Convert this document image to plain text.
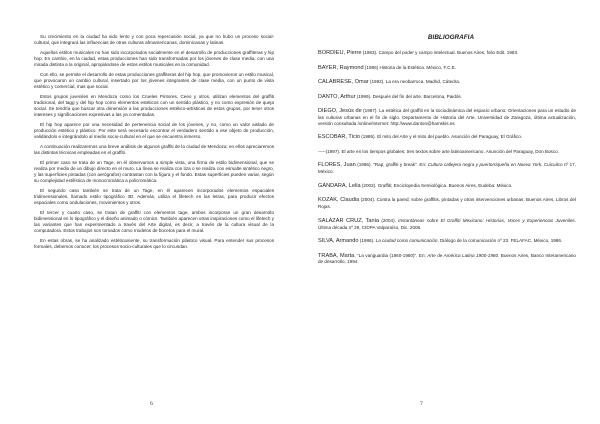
Su crecimiento en la ciudad ha sido lento y con poca repercusión social, ya que no hubo un proceso social-cultural, que integrará las influencias de otras culturas afroamericanas, dominicanas y latinas.

Aquellos estilos musicales no han sido incorporados socialmente en el desarrollo de producciones graffiteras y hip hop. En cambio, en la ciudad, estas producciones han sido transformadas por los jóvenes de clase media, con una mirada distinta a la original, apropiándose de estos estilos musicales en la comunidad.

Con ello, se permite el desarrollo de estas producciones graffiteras del hip hop, que promovieron un estilo musical, que provocaron un cambio cultural, insertado por los jóvenes integrantes de clase media, con un punto de vista estético y comercial, mas que social.

Estos grupos juveniles en Mendoza como los Crueles Pintores, Ceeo y otros, utilizan elementos del graffiti tradicional, del tagg y del hip hop como elementos estéticos con un sentido plástico, y no como expresión de queja social. Se tendría que buscar otra dimensión a las producciones estético-artísticas de estos grupos, por tener otros intereses y significaciones expresivas a las ya comentadas.

El hip hop aparece por una necesidad de pertenencia social de los jóvenes, y no, como un valor aislado de producción estético y plástico. Por este será necesario encontrar el verdadero sentido a ese objeto de producción, validándolo e integrándolo al medio socio-cultural en el que se encuentra inmerso.

A continuación realizaremos una breve análisis de algunos graffiti de la ciudad de Mendoza; en ellos apreciaremos las distintas técnicas empleadas en el graffiti.

El primer caso se trata de un Tage, en él observamos a simple vista, una firma de estilo bidimensional, que se realiza por medio de un dibujo directo en el muro. La línea se realiza con tiza o se realiza con esmalte sintético negro, y las superficies pintadas (con aerógrafos) contrastan con la figura y el fondo. Estas superficies pueden variar, según su complejidad estilística de monocromática a policromática.

El segundo caso también se trata de un Tage, en él aparecen incorporados elementos espaciales tridimensionales, llamado estilo tipográfico 3D. Además, utiliza el lifetech en las letras, para producir efectos espaciales como ondulaciones, movimientos y otros.

El tercer y cuarto caso, se tratan de graffiti con elementos tage, ambos incorporan un gran desarrollo bidimensional en lo tipográfico y el diseño animado o cómics. También aparecen otras inspiraciones como el lifetech y las variantes que han experimentado a través del Arte digital, es decir, a través de la cultura visual de la computadora. Estos trabajos son tomados como modelos de bocetos para el mural.

En estas obras, se ha analizado estéticamente, su transformación plástico visual. Para entender sus procesos formales, debemos conocer, los procesos socio-culturales que lo circundan.

6
BIBLIOGRAFIA

BORDIEU, Pierre (1983). Campo del poder y campo intelectual. Buenos Aires, folio Edit. 1983.

BAYER, Raymond (1986) Historia de la Estética. México, F.C.E.

CALABRESE, Omar (1992). La era neobarroca. Madrid, Cátedra.

DANTO, Arthur (1999). Después del fin del arte. Barcelona, Paidós.

DIEGO, Jesús de (1997). La estética del graffiti en la sociodinámica del espacio urbano: Orientaciones para un estudio de las culturas urbanas en el fin de siglo. Departamento de Historia del Arte, Universidad de Zaragoza, última actualización, versión consultada /online/Internet: http://www.danton@hamskis.es

ESCOBAR, Ticio (1986). El mito del Arte y el mito del pueblo. Asunción del Paraguay, El Gráfico.

-----(1997). El arte en los tiempos globales; tres textos sobre arte latinoamericano. Asunción del Paraguay, Don Bosco.

FLORES, Juan (1986). "Rap, graffiti y break". En: Cultura callejera negra y puertorriqueña en Nueva York. Cuicuilco nº 17, México.

GÁNDARA, Lelia (2002). Graffiti; Enciclopedia Semiológica. Buenos Aires, Eudeba: México.

KOZAK, Claudia (2004). Contra la pared; sobre graffitis, pintadas y otras intervenciones urbanas. Buenos Aires, Libros del Rojas.

SALAZAR CRUZ, Tania (2004). Instantáneas sobre El Graffiti Mexicano: Historias, Voces y Experiencias Juveniles. Última década nº 29, CIDPA Valparaíso, Dic. 2008.

SILVA, Armando (1986). La ciudad como comunicación. Diálogo de la comunicación nº 23. FELAFAC. México, 1986.

TRABA, Marta. "La vanguardia (1960-1980)". En: Arte de América Latina 1900-1980. Buenos Aires, Banco Interamericano de desarrollo, 1994.

7
